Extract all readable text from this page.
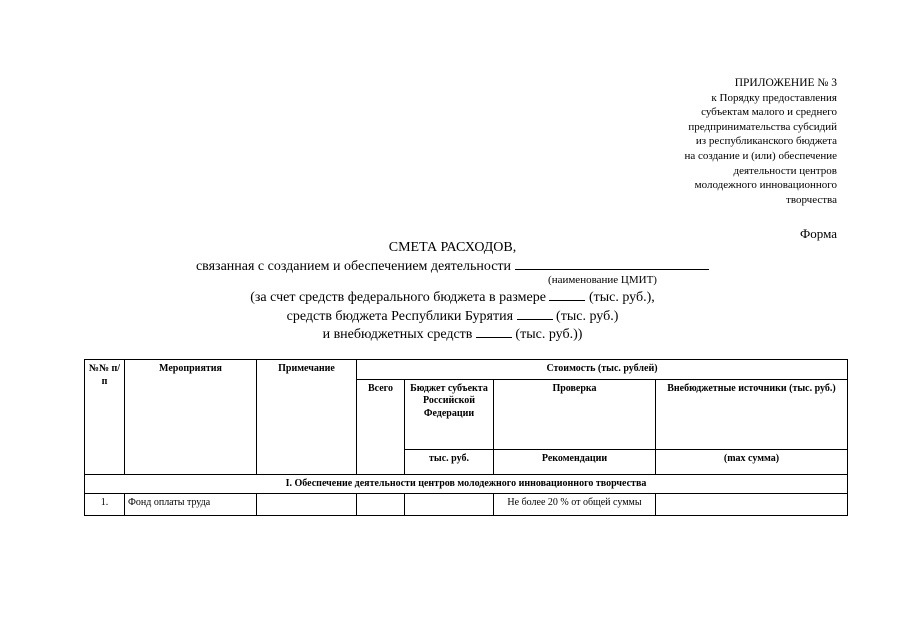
ПРИЛОЖЕНИЕ № 3
к Порядку предоставления
субъектам малого и среднего
предпринимательства субсидий
из республиканского бюджета
на создание и (или) обеспечение
деятельности центров
молодежного инновационного
творчества
Форма
СМЕТА РАСХОДОВ,
связанная с созданием и обеспечением деятельности
(наименование ЦМИТ)
(за счет средств федерального бюджета в размере	(тыс. руб.),
средств бюджета Республики Бурятия	(тыс. руб.)
и внебюджетных средств	(тыс. руб.))
№№ п/п	Мероприятия	Примечание	Стоимость (тыс. рублей)			
			Всего	Бюджет субъекта Российской Федерации	Проверка	Внебюджетные источники (тыс. руб.)
				тыс. руб.	Рекомендации	(max сумма)
I. Обеспечение деятельности центров молодежного инновационного творчества						
1.	Фонд оплаты труда				Не более 20 % от общей суммы	
